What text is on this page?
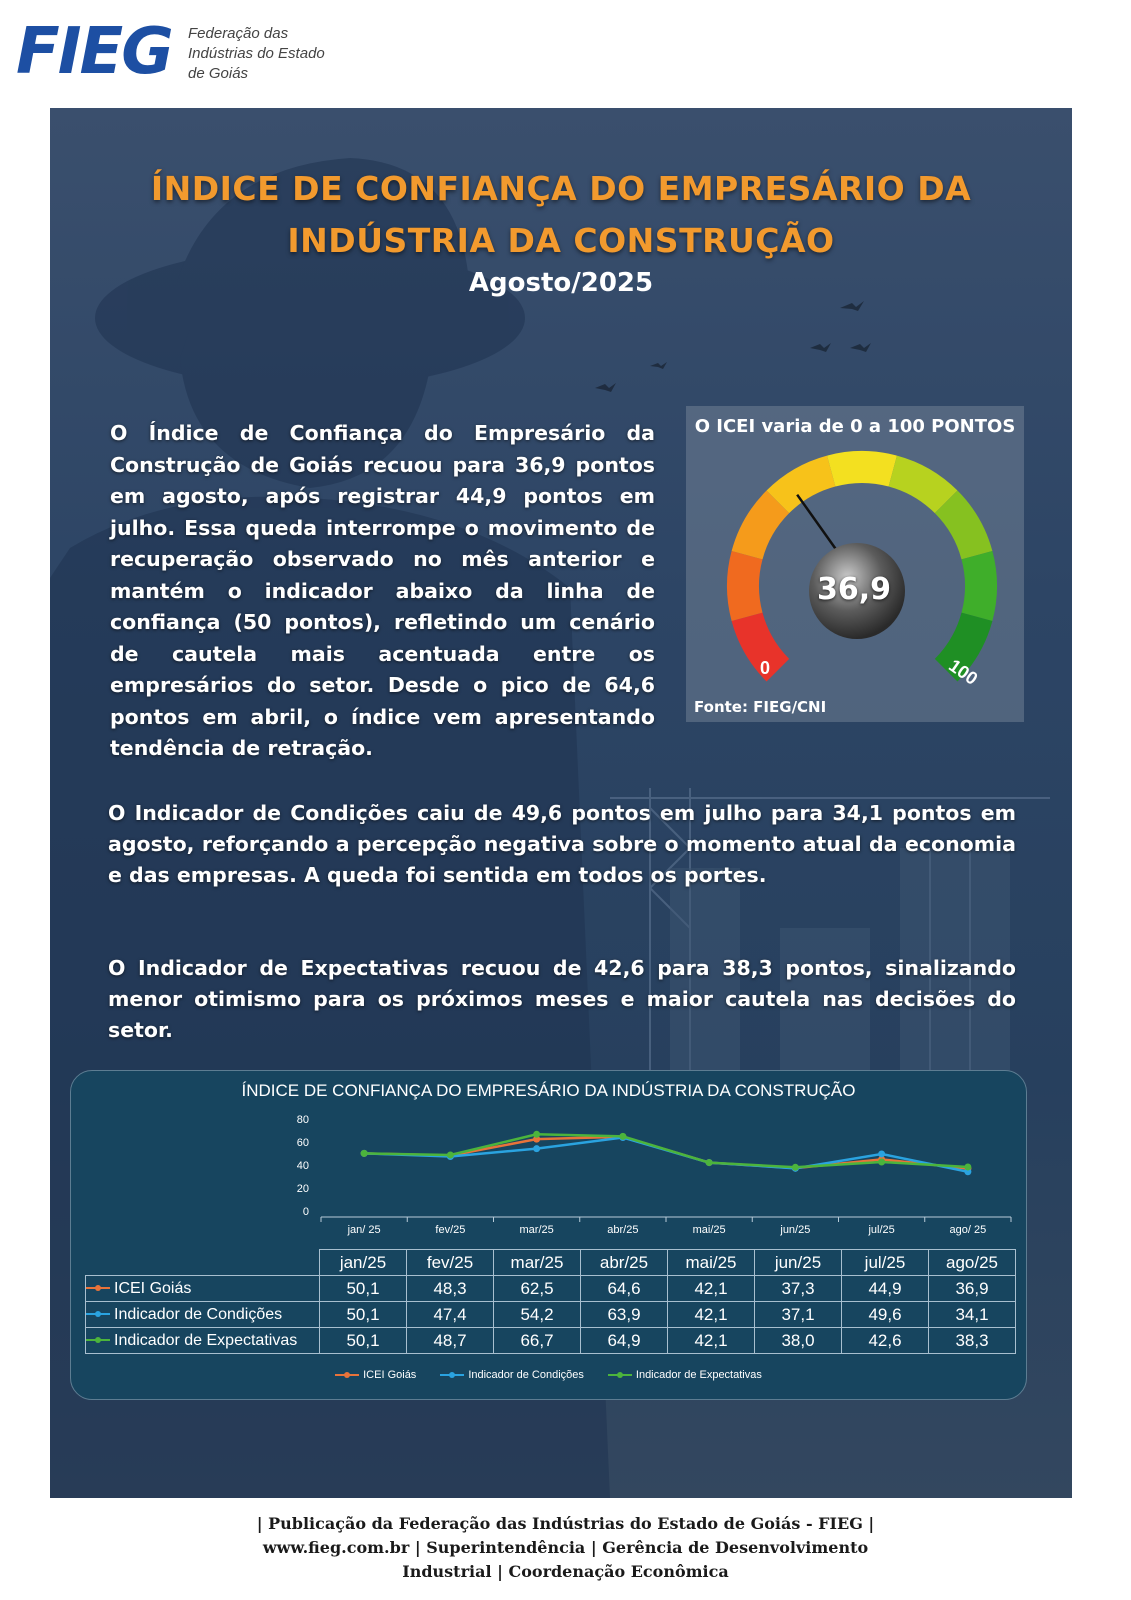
FIEG Federação das
Indústrias do Estado
de Goiás
ÍNDICE DE CONFIANÇA DO EMPRESÁRIO DA
INDÚSTRIA DA CONSTRUÇÃO
Agosto/2025
O Índice de Confiança do Empresário da Construção de Goiás recuou para 36,9 pontos em agosto, após registrar 44,9 pontos em julho. Essa queda interrompe o movimento de recuperação observado no mês anterior e mantém o indicador abaixo da linha de confiança (50 pontos), refletindo um cenário de cautela mais acentuada entre os empresários do setor. Desde o pico de 64,6 pontos em abril, o índice vem apresentando tendência de retração.
O ICEI varia de 0 a 100 PONTOS
36,9
0	100
Fonte: FIEG/CNI
O Indicador de Condições caiu de 49,6 pontos em julho para 34,1 pontos em agosto, reforçando a percepção negativa sobre o momento atual da economia e das empresas. A queda foi sentida em todos os portes.
O Indicador de Expectativas recuou de 42,6 para 38,3 pontos, sinalizando menor otimismo para os próximos meses e maior cautela nas decisões do setor.
ÍNDICE DE CONFIANÇA DO EMPRESÁRIO DA INDÚSTRIA DA CONSTRUÇÃO
0
20
40
60
80
jan/ 25	fev/25	mar/25	abr/25	mai/25	jun/25	jul/25	ago/ 25
	jan/25	fev/25	mar/25	abr/25	mai/25	jun/25	jul/25	ago/25
ICEI Goiás	50,1	48,3	62,5	64,6	42,1	37,3	44,9	36,9
Indicador de Condições	50,1	47,4	54,2	63,9	42,1	37,1	49,6	34,1
Indicador de Expectativas	50,1	48,7	66,7	64,9	42,1	38,0	42,6	38,3
ICEI Goiás	Indicador de Condições	Indicador de Expectativas
| Publicação da Federação das Indústrias do Estado de Goiás - FIEG |
www.fieg.com.br | Superintendência | Gerência de Desenvolvimento
Industrial | Coordenação Econômica
